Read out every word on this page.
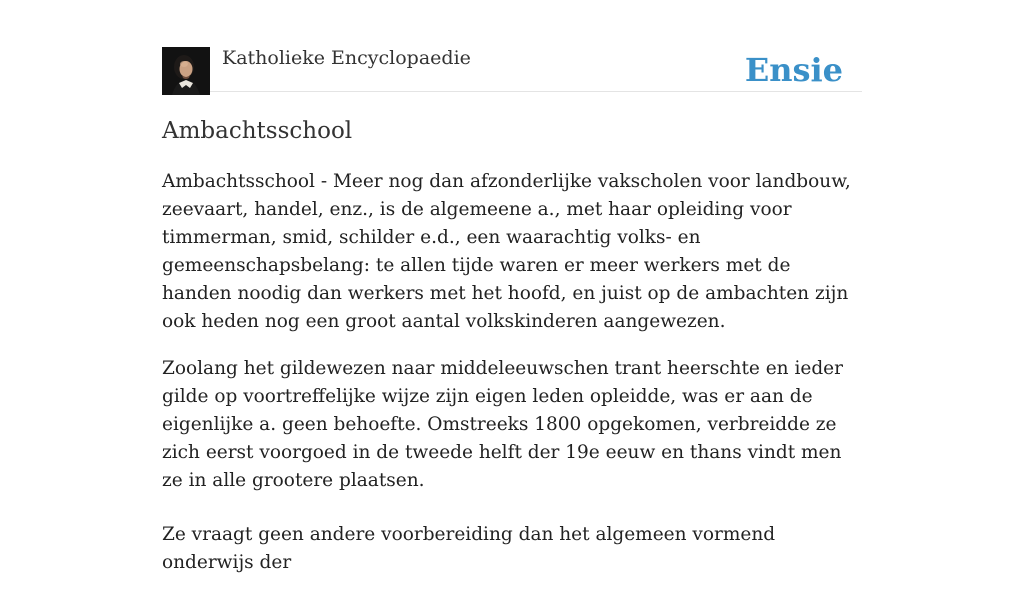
Katholieke Encyclopaedie	Ensie
Ambachtsschool

Ambachtsschool - Meer nog dan afzonderlijke vakscholen voor landbouw, zeevaart, handel, enz., is de algemeene a., met haar opleiding voor timmerman, smid, schilder e.d., een waarachtig volks- en gemeenschapsbelang: te allen tijde waren er meer werkers met de handen noodig dan werkers met het hoofd, en juist op de ambachten zijn ook heden nog een groot aantal volkskinderen aangewezen.

Zoolang het gildewezen naar middeleeuwschen trant heerschte en ieder gilde op voortreffelijke wijze zijn eigen leden opleidde, was er aan de eigenlijke a. geen behoefte. Omstreeks 1800 opgekomen, verbreidde ze zich eerst voorgoed in de tweede helft der 19e eeuw en thans vindt men ze in alle grootere plaatsen.

Ze vraagt geen andere voorbereiding dan het algemeen vormend onderwijs der
